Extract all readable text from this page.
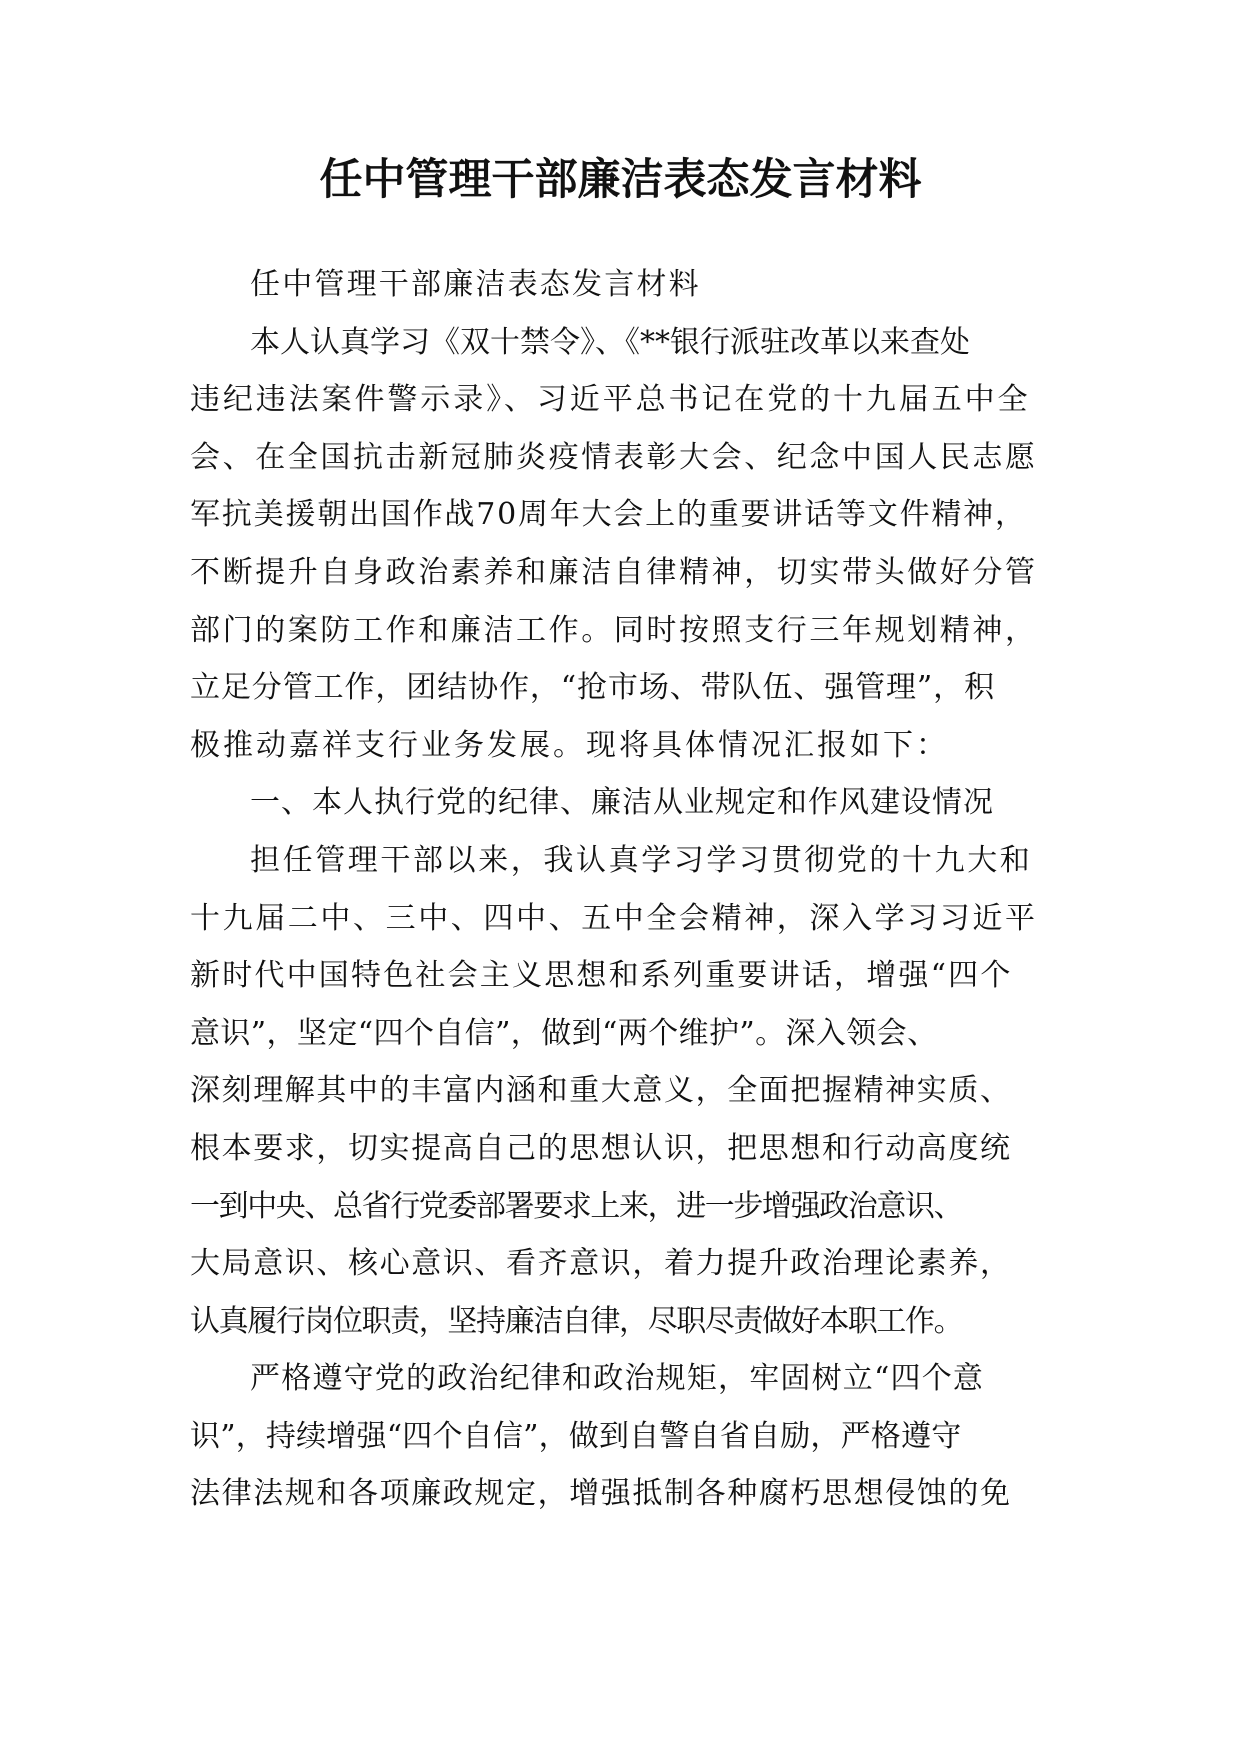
任中管理干部廉洁表态发言材料
任中管理干部廉洁表态发言材料
本人认真学习《双十禁令》、《**银行派驻改革以来查处
违纪违法案件警示录》、习近平总书记在党的十九届五中全
会、在全国抗击新冠肺炎疫情表彰大会、纪念中国人民志愿
军抗美援朝出国作战70周年大会上的重要讲话等文件精神，
不断提升自身政治素养和廉洁自律精神，切实带头做好分管
部门的案防工作和廉洁工作。同时按照支行三年规划精神，
立足分管工作，团结协作，“抢市场、带队伍、强管理”，积
极推动嘉祥支行业务发展。现将具体情况汇报如下：
一、本人执行党的纪律、廉洁从业规定和作风建设情况
担任管理干部以来，我认真学习学习贯彻党的十九大和
十九届二中、三中、四中、五中全会精神，深入学习习近平
新时代中国特色社会主义思想和系列重要讲话，增强“四个
意识”，坚定“四个自信”，做到“两个维护”。深入领会、
深刻理解其中的丰富内涵和重大意义，全面把握精神实质、
根本要求，切实提高自己的思想认识，把思想和行动高度统
一到中央、总省行党委部署要求上来，进一步增强政治意识、
大局意识、核心意识、看齐意识，着力提升政治理论素养，
认真履行岗位职责，坚持廉洁自律，尽职尽责做好本职工作。
严格遵守党的政治纪律和政治规矩，牢固树立“四个意
识”，持续增强“四个自信”，做到自警自省自励，严格遵守
法律法规和各项廉政规定，增强抵制各种腐朽思想侵蚀的免
